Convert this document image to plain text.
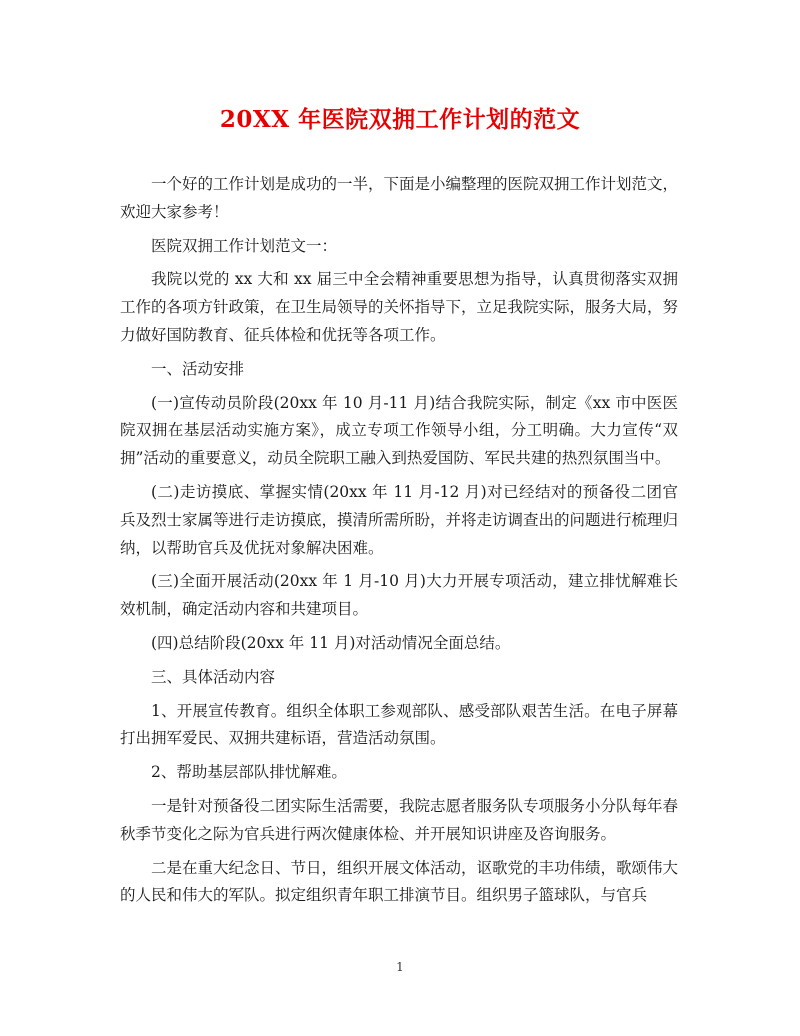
20XX 年医院双拥工作计划的范文

一个好的工作计划是成功的一半，下面是小编整理的医院双拥工作计划范文，欢迎大家参考！

医院双拥工作计划范文一：

我院以党的 xx 大和 xx 届三中全会精神重要思想为指导，认真贯彻落实双拥工作的各项方针政策，在卫生局领导的关怀指导下，立足我院实际，服务大局，努力做好国防教育、征兵体检和优抚等各项工作。

一、活动安排

(一)宣传动员阶段(20xx 年 10 月-11 月)结合我院实际，制定《xx 市中医医院双拥在基层活动实施方案》，成立专项工作领导小组，分工明确。大力宣传“双拥”活动的重要意义，动员全院职工融入到热爱国防、军民共建的热烈氛围当中。

(二)走访摸底、掌握实情(20xx 年 11 月-12 月)对已经结对的预备役二团官兵及烈士家属等进行走访摸底，摸清所需所盼，并将走访调查出的问题进行梳理归纳，以帮助官兵及优抚对象解决困难。

(三)全面开展活动(20xx 年 1 月-10 月)大力开展专项活动，建立排忧解难长效机制，确定活动内容和共建项目。

(四)总结阶段(20xx 年 11 月)对活动情况全面总结。

三、具体活动内容

1、开展宣传教育。组织全体职工参观部队、感受部队艰苦生活。在电子屏幕打出拥军爱民、双拥共建标语，营造活动氛围。

2、帮助基层部队排忧解难。

一是针对预备役二团实际生活需要，我院志愿者服务队专项服务小分队每年春秋季节变化之际为官兵进行两次健康体检、并开展知识讲座及咨询服务。

二是在重大纪念日、节日，组织开展文体活动，讴歌党的丰功伟绩，歌颂伟大的人民和伟大的军队。拟定组织青年职工排演节目。组织男子篮球队，与官兵

1
